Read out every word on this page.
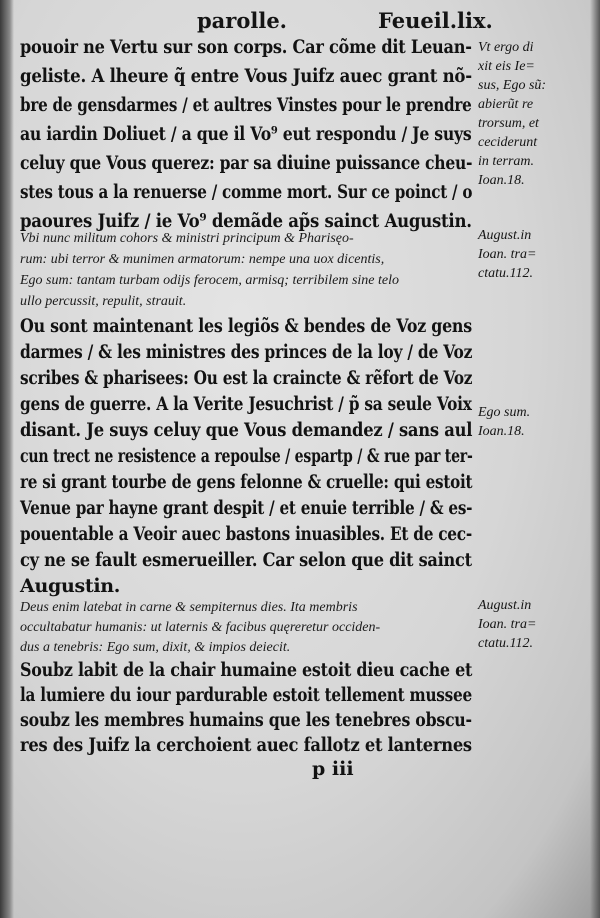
parolle.	Feueil.lix.
pouoir ne Vertu sur son corps. Car cõme dit Leuan-
geliste. A lheure q̃ entre Vous Juifz auec grant nõ-
bre de gensdarmes / et aultres Vinstes pour le prendre
au iardin Doliuet / a que il Vo⁹ eut respondu / Je suys
celuy que Vous querez: par sa diuine puissance cheu-
stes tous a la renuerse / comme mort. Sur ce poinct / o
paoures Juifz / ie Vo⁹ demãde ap̃s sainct Augustin.
Vbi nunc militum cohors & ministri principum & Pharisęo-
rum: ubi terror & munimen armatorum: nempe una uox dicentis,
Ego sum: tantam turbam odijs ferocem, armisq; terribilem sine telo
ullo percussit, repulit, strauit.
Ou sont maintenant les legiõs & bendes de Voz gens
darmes / & les ministres des princes de la loy / de Voz
scribes & pharisees: Ou est la craincte & rẽfort de Voz
gens de guerre. A la Verite Jesuchrist / p̃ sa seule Voix
disant. Je suys celuy que Vous demandez / sans aul
cun trect ne resistence a repoulse / espartp / & rue par ter-
re si grant tourbe de gens felonne & cruelle: qui estoit
Venue par hayne grant despit / et enuie terrible / & es-
pouentable a Veoir auec bastons inuasibles. Et de cec-
cy ne se fault esmerueiller. Car selon que dit sainct
Augustin.
Deus enim latebat in carne & sempiternus dies. Ita membris
occultabatur humanis: ut laternis & facibus quęreretur occiden-
dus a tenebris: Ego sum, dixit, & impios deiecit.
Soubz labit de la chair humaine estoit dieu cache et
la lumiere du iour pardurable estoit tellement mussee
soubz les membres humains que les tenebres obscu-
res des Juifz la cerchoient auec fallotz et lanternes
Vt ergo di
xit eis Ie=
sus, Ego sũ:
abierũt re
trorsum, et
ceciderunt
in terram.
Ioan.18.
August.in
Ioan. tra=
ctatu.112.
Ego sum.
Ioan.18.
August.in
Ioan. tra=
ctatu.112.
p iii
